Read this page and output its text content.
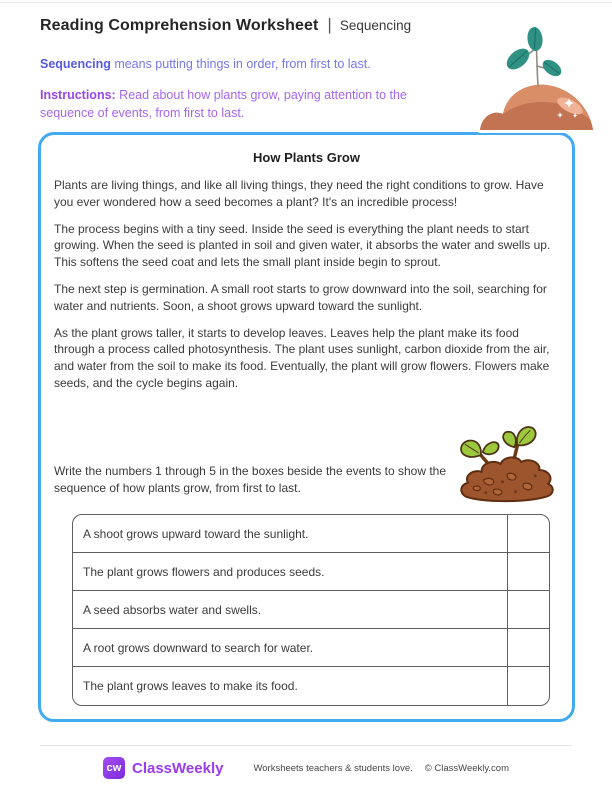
Reading Comprehension Worksheet | Sequencing
Sequencing means putting things in order, from first to last.
Instructions: Read about how plants grow, paying attention to the sequence of events, from first to last.
How Plants Grow

Plants are living things, and like all living things, they need the right conditions to grow. Have you ever wondered how a seed becomes a plant? It's an incredible process!

The process begins with a tiny seed. Inside the seed is everything the plant needs to start growing. When the seed is planted in soil and given water, it absorbs the water and swells up. This softens the seed coat and lets the small plant inside begin to sprout.

The next step is germination. A small root starts to grow downward into the soil, searching for water and nutrients. Soon, a shoot grows upward toward the sunlight.

As the plant grows taller, it starts to develop leaves. Leaves help the plant make its food through a process called photosynthesis. The plant uses sunlight, carbon dioxide from the air, and water from the soil to make its food. Eventually, the plant will grow flowers. Flowers make seeds, and the cycle begins again.

Write the numbers 1 through 5 in the boxes beside the events to show the sequence of how plants grow, from first to last.
A shoot grows upward toward the sunlight.
The plant grows flowers and produces seeds.
A seed absorbs water and swells.
A root grows downward to search for water.
The plant grows leaves to make its food.
cw ClassWeekly	Worksheets teachers & students love. © ClassWeekly.com
